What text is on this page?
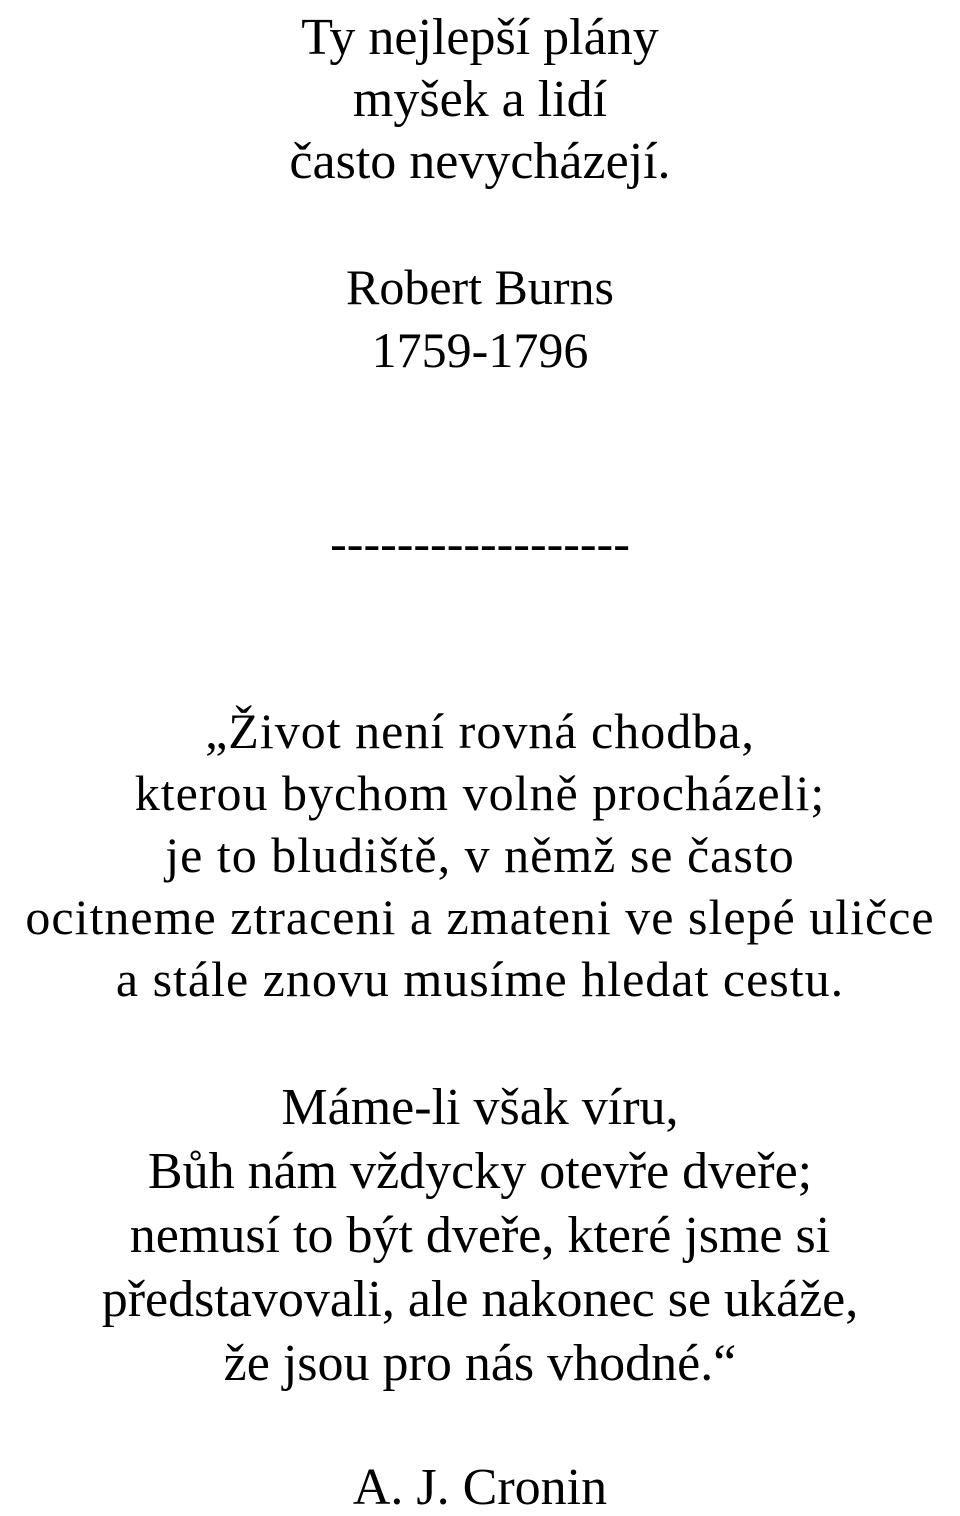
Ty nejlepší plány
myšek a lidí
často nevycházejí.
Robert Burns
1759-1796
------------------
„Život není rovná chodba,
kterou bychom volně procházeli;
je to bludiště, v němž se často
ocitneme ztraceni a zmateni ve slepé uličce
a stále znovu musíme hledat cestu.
Máme-li však víru,
Bůh nám vždycky otevře dveře;
nemusí to být dveře, které jsme si
představovali, ale nakonec se ukáže,
že jsou pro nás vhodné.“
A. J. Cronin
